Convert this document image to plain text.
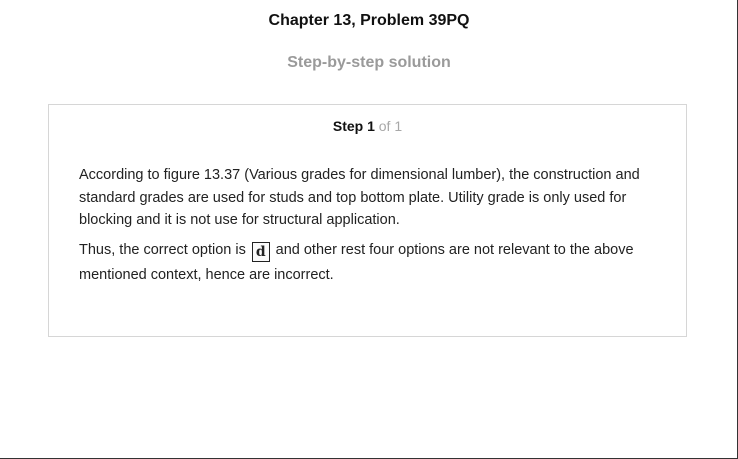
Chapter 13, Problem 39PQ
Step-by-step solution
Step 1 of 1
According to figure 13.37 (Various grades for dimensional lumber), the construction and standard grades are used for studs and top bottom plate. Utility grade is only used for blocking and it is not use for structural application.
Thus, the correct option is d and other rest four options are not relevant to the above mentioned context, hence are incorrect.
